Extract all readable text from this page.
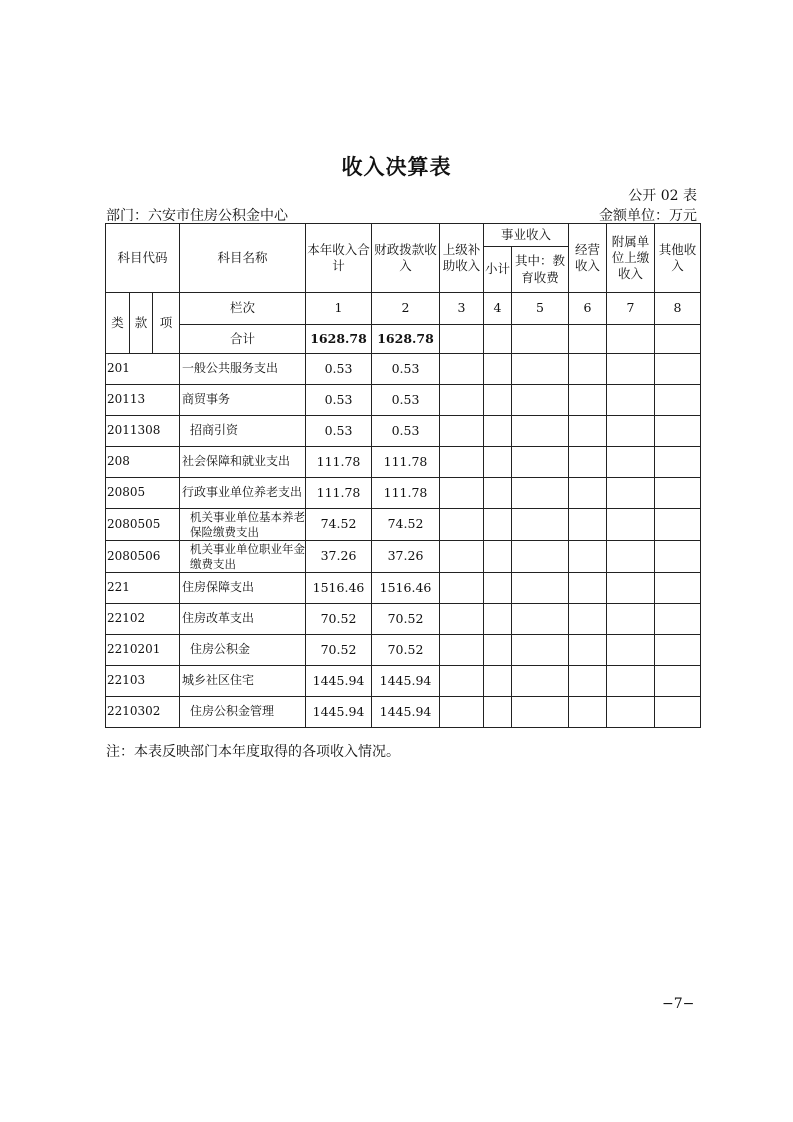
收入决算表
公开 02 表
部门：六安市住房公积金中心	金额单位：万元
科目代码			科目名称	本年收入合计	财政拨款收入	上级补助收入	事业收入		经营收入	附属单位上缴收入	其他收入
							小计	其中：教育收费			

类	款	项	栏次	1	2	3	4	5	6	7	8
			合计	1628.78	1628.78						
201			一般公共服务支出	0.53	0.53						
20113			商贸事务	0.53	0.53						
2011308			招商引资	0.53	0.53						
208			社会保障和就业支出	111.78	111.78						
20805			行政事业单位养老支出	111.78	111.78						
2080505			机关事业单位基本养老保险缴费支出	74.52	74.52						
2080506			机关事业单位职业年金缴费支出	37.26	37.26						
221			住房保障支出	1516.46	1516.46						
22102			住房改革支出	70.52	70.52						
2210201			住房公积金	70.52	70.52						
22103			城乡社区住宅	1445.94	1445.94						
2210302			住房公积金管理	1445.94	1445.94						
注：本表反映部门本年度取得的各项收入情况。
−7−
